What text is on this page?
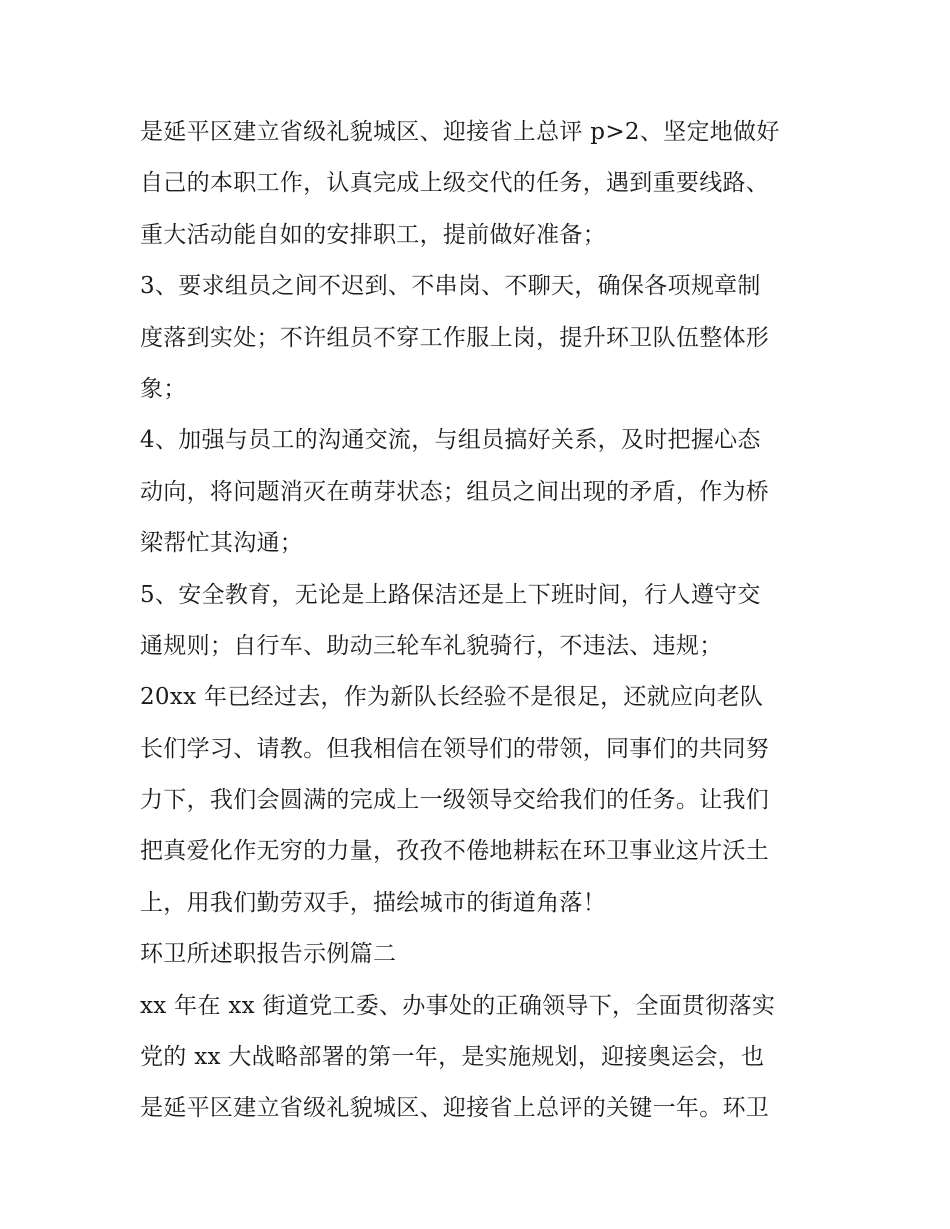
是延平区建立省级礼貌城区、迎接省上总评 p>2、坚定地做好
自己的本职工作，认真完成上级交代的任务，遇到重要线路、
重大活动能自如的安排职工，提前做好准备；
3、要求组员之间不迟到、不串岗、不聊天，确保各项规章制
度落到实处；不许组员不穿工作服上岗，提升环卫队伍整体形
象；
4、加强与员工的沟通交流，与组员搞好关系，及时把握心态
动向，将问题消灭在萌芽状态；组员之间出现的矛盾，作为桥
梁帮忙其沟通；
5、安全教育，无论是上路保洁还是上下班时间，行人遵守交
通规则；自行车、助动三轮车礼貌骑行，不违法、违规；
20xx 年已经过去，作为新队长经验不是很足，还就应向老队
长们学习、请教。但我相信在领导们的带领，同事们的共同努
力下，我们会圆满的完成上一级领导交给我们的任务。让我们
把真爱化作无穷的力量，孜孜不倦地耕耘在环卫事业这片沃土
上，用我们勤劳双手，描绘城市的街道角落！
环卫所述职报告示例篇二
xx 年在 xx 街道党工委、办事处的正确领导下，全面贯彻落实
党的 xx 大战略部署的第一年，是实施规划，迎接奥运会，也
是延平区建立省级礼貌城区、迎接省上总评的关键一年。环卫
